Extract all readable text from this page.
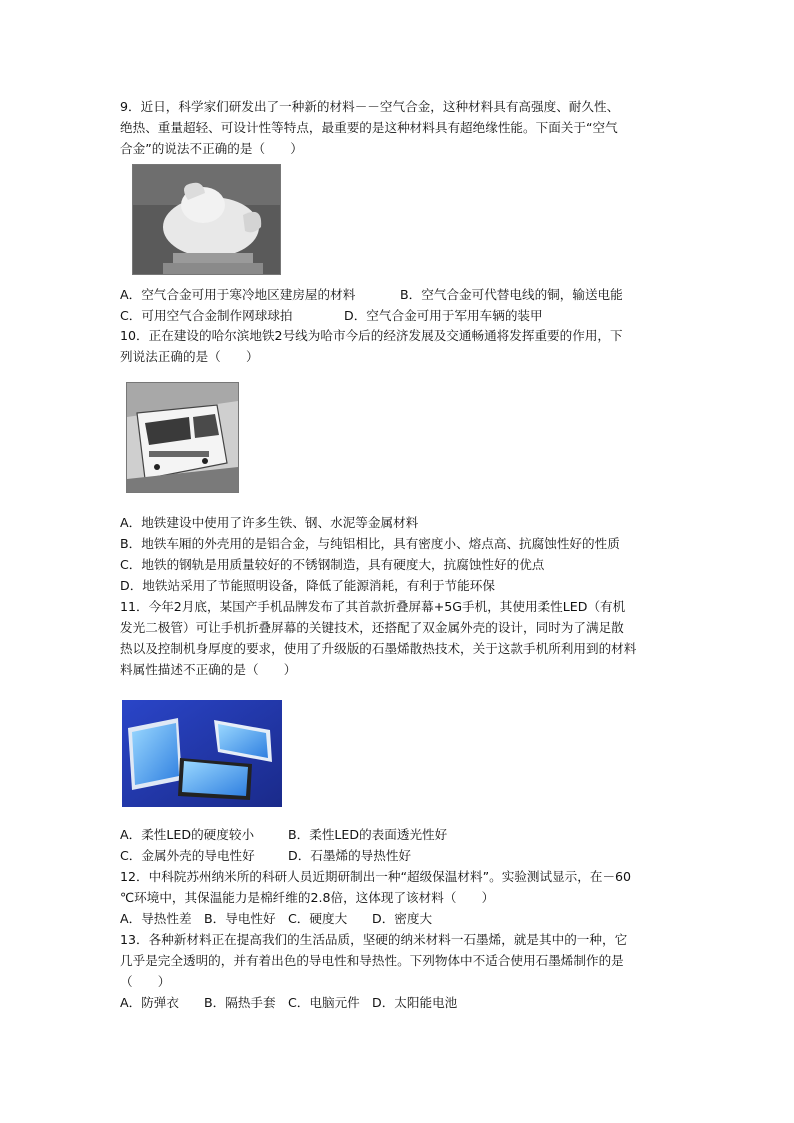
9．近日，科学家们研发出了一种新的材料－－空气合金，这种材料具有高强度、耐久性、
绝热、重量超轻、可设计性等特点，最重要的是这种材料具有超绝缘性能。下面关于“空气
合金”的说法不正确的是（　　）
A．空气合金可用于寒冷地区建房屋的材料	B．空气合金可代替电线的铜，输送电能
C．可用空气合金制作网球球拍	D．空气合金可用于军用车辆的装甲
10．正在建设的哈尔滨地铁2号线为哈市今后的经济发展及交通畅通将发挥重要的作用，下
列说法正确的是（　　）
A．地铁建设中使用了许多生铁、钢、水泥等金属材料
B．地铁车厢的外壳用的是铝合金，与纯铝相比，具有密度小、熔点高、抗腐蚀性好的性质
C．地铁的钢轨是用质量较好的不锈钢制造，具有硬度大，抗腐蚀性好的优点
D．地铁站采用了节能照明设备，降低了能源消耗，有利于节能环保
11．今年2月底，某国产手机品牌发布了其首款折叠屏幕+5G手机，其使用柔性LED（有机
发光二极管）可让手机折叠屏幕的关键技术，还搭配了双金属外壳的设计，同时为了满足散
热以及控制机身厚度的要求，使用了升级版的石墨烯散热技术，关于这款手机所利用到的材料
料属性描述不正确的是（　　）
A．柔性LED的硬度较小	B．柔性LED的表面透光性好
C．金属外壳的导电性好	D．石墨烯的导热性好
12．中科院苏州纳米所的科研人员近期研制出一种“超级保温材料”。实验测试显示，在－60
℃环境中，其保温能力是棉纤维的2.8倍，这体现了该材料（　　）
A．导热性差 B．导电性好 C．硬度大 D．密度大
13．各种新材料正在提高我们的生活品质，坚硬的纳米材料一石墨烯，就是其中的一种，它
几乎是完全透明的，并有着出色的导电性和导热性。下列物体中不适合使用石墨烯制作的是
（　　）
A．防弹衣 B．隔热手套 C．电脑元件 D．太阳能电池
